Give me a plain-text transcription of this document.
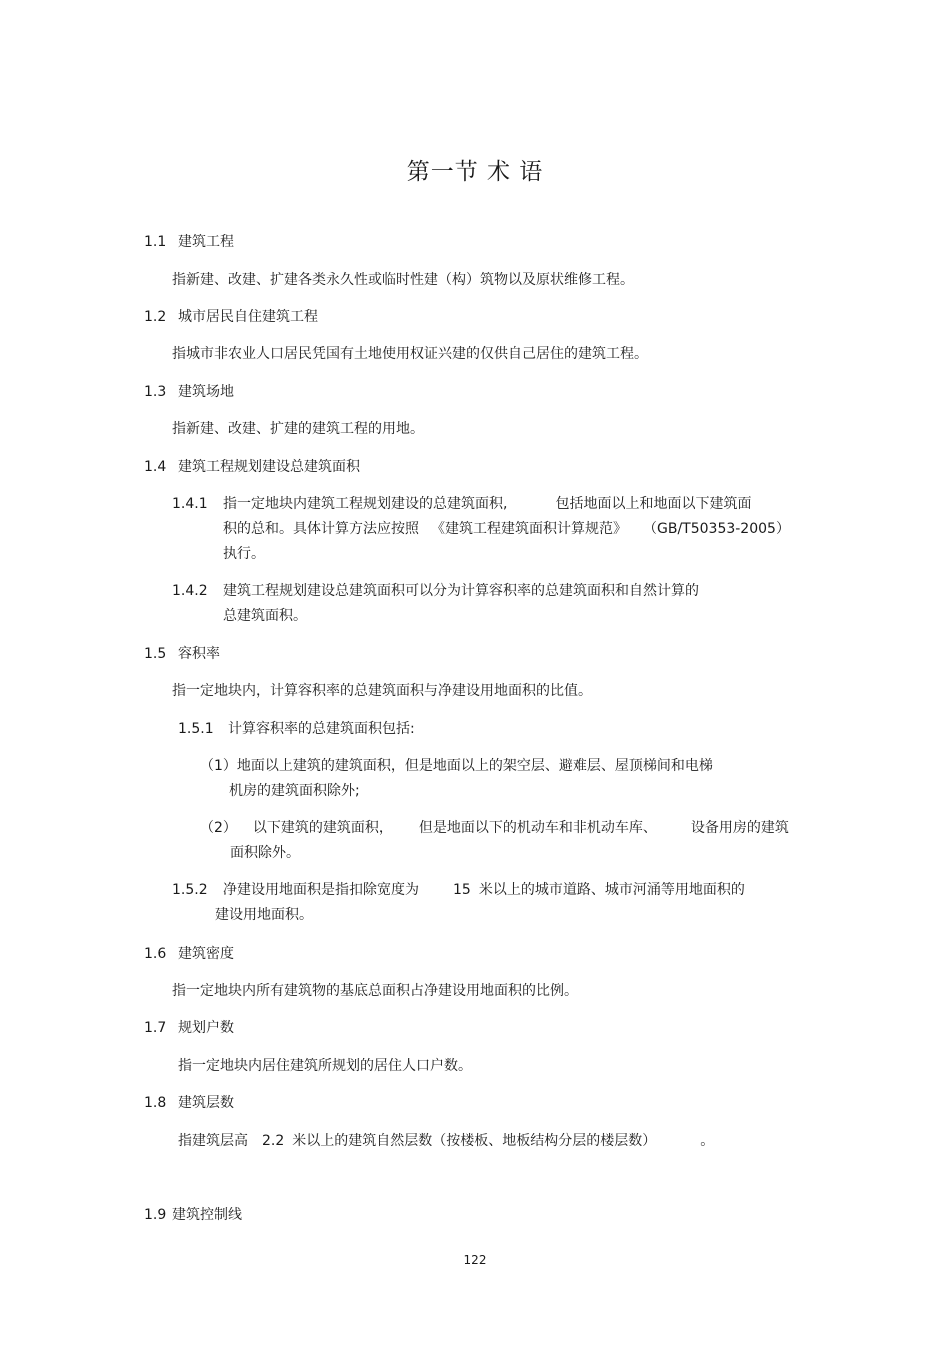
第一节 术 语
1.1 建筑工程
指新建、改建、扩建各类永久性或临时性建（构）筑物以及原状维修工程。
1.2 城市居民自住建筑工程
指城市非农业人口居民凭国有土地使用权证兴建的仅供自己居住的建筑工程。
1.3 建筑场地
指新建、改建、扩建的建筑工程的用地。
1.4 建筑工程规划建设总建筑面积
1.4.1 指一定地块内建筑工程规划建设的总建筑面积,	包括地面以上和地面以下建筑面
积的总和。具体计算方法应按照 《建筑工程建筑面积计算规范》 （GB/T50353-2005）
执行。
1.4.2 建筑工程规划建设总建筑面积可以分为计算容积率的总建筑面积和自然计算的
总建筑面积。
1.5 容积率
指一定地块内，计算容积率的总建筑面积与净建设用地面积的比值。
1.5.1 计算容积率的总建筑面积包括:
（1）地面以上建筑的建筑面积，但是地面以上的架空层、避难层、屋顶梯间和电梯
机房的建筑面积除外;
（2） 以下建筑的建筑面积， 但是地面以下的机动车和非机动车库、 设备用房的建筑
面积除外。
1.5.2 净建设用地面积是指扣除宽度为 15 米以上的城市道路、城市河涌等用地面积的
建设用地面积。
1.6 建筑密度
指一定地块内所有建筑物的基底总面积占净建设用地面积的比例。
1.7 规划户数
指一定地块内居住建筑所规划的居住人口户数。
1.8 建筑层数
指建筑层高 2.2 米以上的建筑自然层数（按楼板、地板结构分层的楼层数）	。
1.9 建筑控制线
122
